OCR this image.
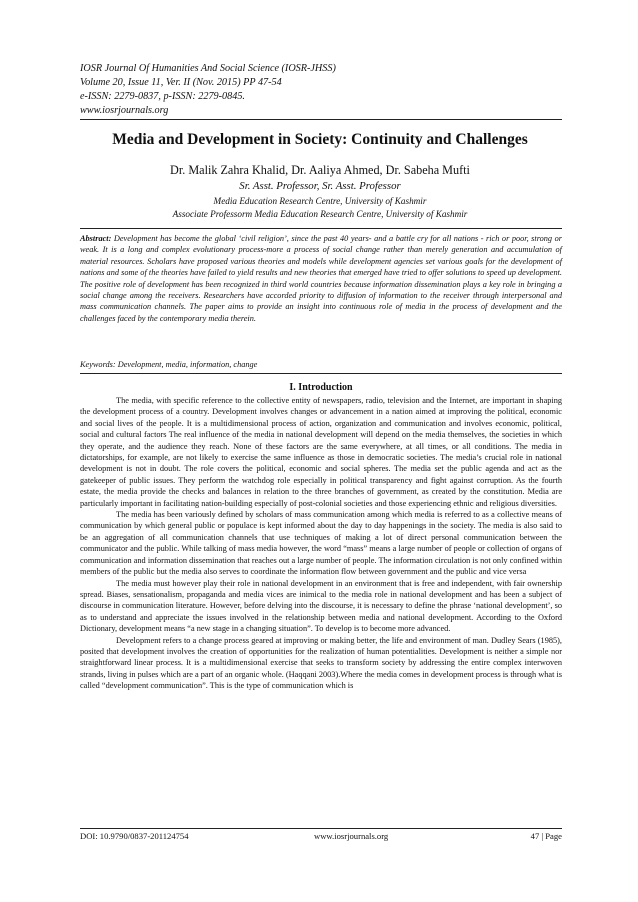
IOSR Journal Of Humanities And Social Science (IOSR-JHSS)
Volume 20, Issue 11, Ver. II (Nov. 2015) PP 47-54
e-ISSN: 2279-0837, p-ISSN: 2279-0845.
www.iosrjournals.org
Media and Development in Society: Continuity and Challenges
Dr. Malik Zahra Khalid, Dr. Aaliya Ahmed, Dr. Sabeha Mufti
Sr. Asst. Professor, Sr. Asst. Professor
Media Education Research Centre, University of Kashmir
Associate Professorm Media Education Research Centre, University of Kashmir
Abstract: Development has become the global ‘civil religion’, since the past 40 years- and a battle cry for all nations - rich or poor, strong or weak. It is a long and complex evolutionary process-more a process of social change rather than merely generation and accumulation of material resources. Scholars have proposed various theories and models while development agencies set various goals for the development of nations and some of the theories have failed to yield results and new theories that emerged have tried to offer solutions to speed up development. The positive role of development has been recognized in third world countries because information dissemination plays a key role in bringing a social change among the receivers. Researchers have accorded priority to diffusion of information to the receiver through interpersonal and mass communication channels. The paper aims to provide an insight into continuous role of media in the process of development and the challenges faced by the contemporary media therein.
Keywords: Development, media, information, change
I. Introduction

The media, with specific reference to the collective entity of newspapers, radio, television and the Internet, are important in shaping the development process of a country. Development involves changes or advancement in a nation aimed at improving the political, economic and social lives of the people. It is a multidimensional process of action, organization and communication and involves economic, political, social and cultural factors The real influence of the media in national development will depend on the media themselves, the societies in which they operate, and the audience they reach. None of these factors are the same everywhere, at all times, or all conditions. The media in dictatorships, for example, are not likely to exercise the same influence as those in democratic societies. The media’s crucial role in national development is not in doubt. The role covers the political, economic and social spheres. The media set the public agenda and act as the gatekeeper of public issues. They perform the watchdog role especially in political transparency and fight against corruption. As the fourth estate, the media provide the checks and balances in relation to the three branches of government, as created by the constitution. Media are particularly important in facilitating nation-building especially of post-colonial societies and those experiencing ethnic and religious diversities.

The media has been variously defined by scholars of mass communication among which media is referred to as a collective means of communication by which general public or populace is kept informed about the day to day happenings in the society. The media is also said to be an aggregation of all communication channels that use techniques of making a lot of direct personal communication between the communicator and the public. While talking of mass media however, the word “mass” means a large number of people or collection of organs of communication and information dissemination that reaches out a large number of people. The information circulation is not only confined within members of the public but the media also serves to coordinate the information flow between government and the public and vice versa

The media must however play their role in national development in an environment that is free and independent, with fair ownership spread. Biases, sensationalism, propaganda and media vices are inimical to the media role in national development and has been a subject of discourse in communication literature. However, before delving into the discourse, it is necessary to define the phrase ‘national development’, so as to understand and appreciate the issues involved in the relationship between media and national development. According to the Oxford Dictionary, development means “a new stage in a changing situation”. To develop is to become more advanced.

Development refers to a change process geared at improving or making better, the life and environment of man. Dudley Sears (1985), posited that development involves the creation of opportunities for the realization of human potentialities. Development is neither a simple nor straightforward linear process. It is a multidimensional exercise that seeks to transform society by addressing the entire complex interwoven strands, living in pulses which are a part of an organic whole. (Haqqani 2003).Where the media comes in development process is through what is called “development communication”. This is the type of communication which is

DOI: 10.9790/0837-201124754	www.iosrjournals.org	47 | Page
